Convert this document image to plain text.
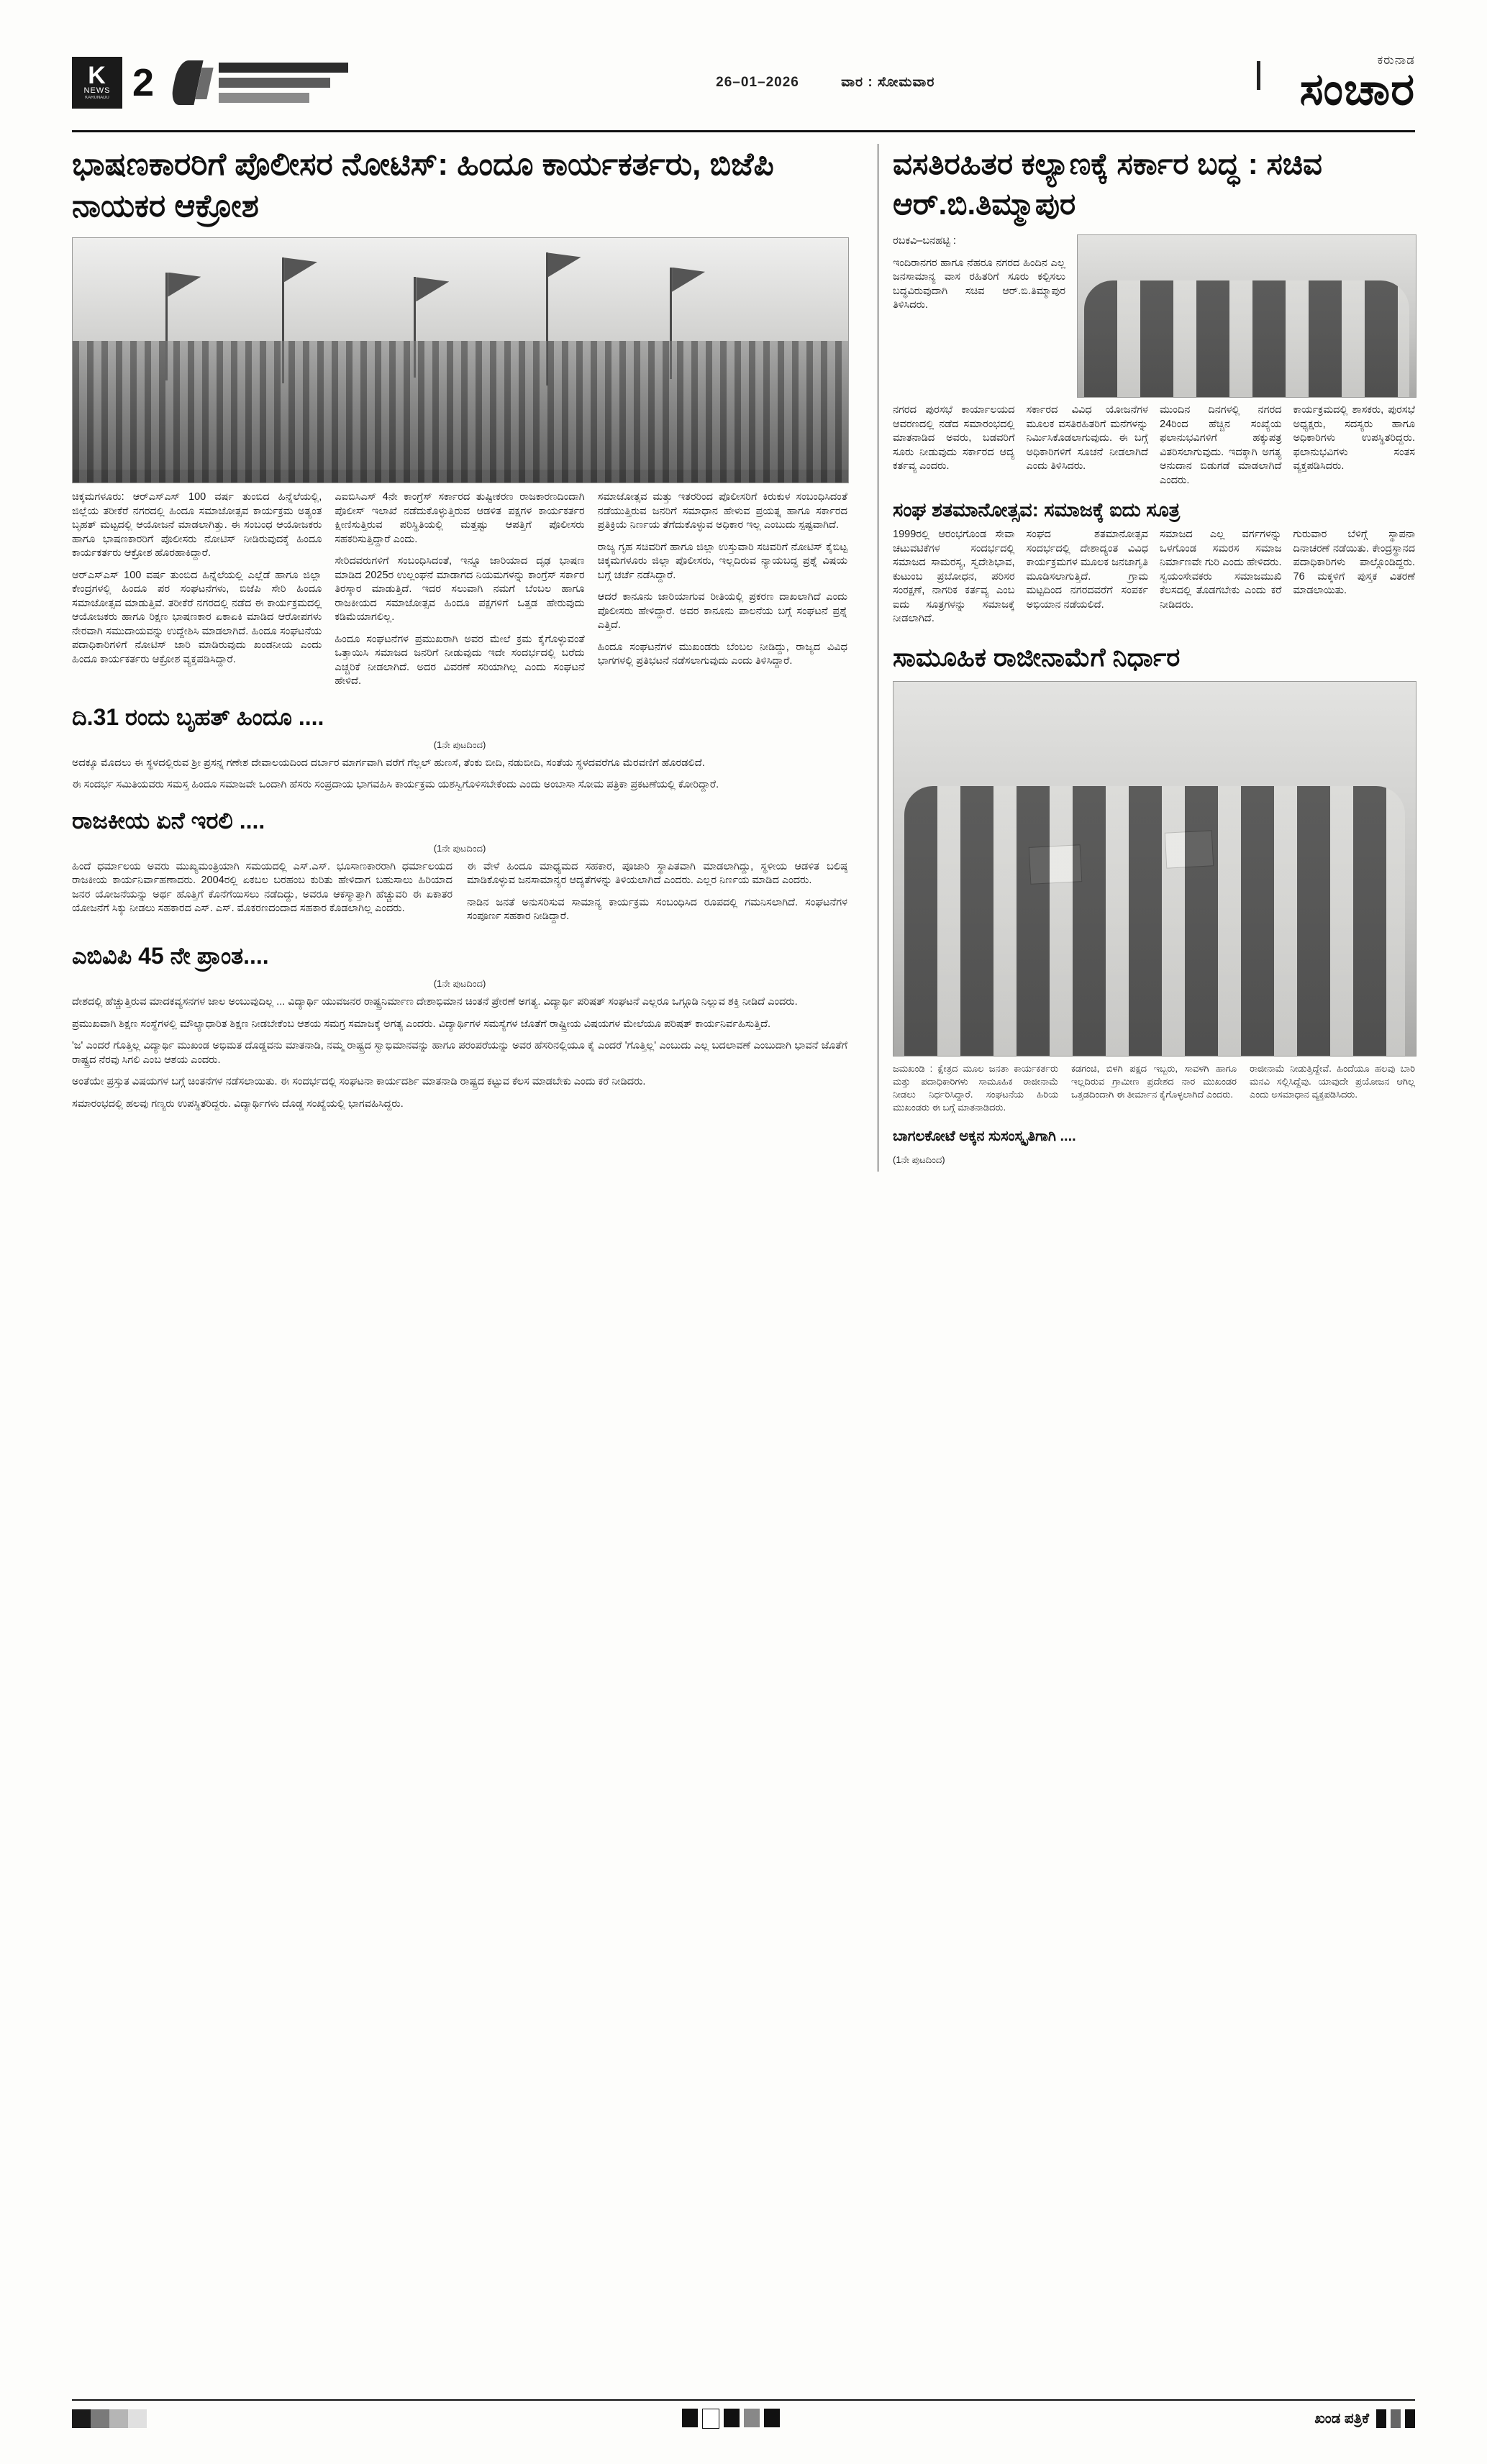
K
NEWS
KARUNADU 2	26–01–2026	ವಾರ : ಸೋಮವಾರ
ಕರುನಾಡ
ಸಂಚಾರ
ಭಾಷಣಕಾರರಿಗೆ ಪೊಲೀಸರ ನೋಟಿಸ್: ಹಿಂದೂ ಕಾರ್ಯಕರ್ತರು, ಬಿಜೆಪಿ ನಾಯಕರ ಆಕ್ರೋಶ

ಚಿಕ್ಕಮಗಳೂರು: ಆರ್‌ಎಸ್‌ಎಸ್ 100 ವರ್ಷ ತುಂಬಿದ ಹಿನ್ನೆಲೆಯಲ್ಲಿ, ಜಿಲ್ಲೆಯ ತರೀಕೆರೆ ನಗರದಲ್ಲಿ ಹಿಂದೂ ಸಮಾಜೋತ್ಸವ ಕಾರ್ಯಕ್ರಮ ಅತ್ಯಂತ ಬೃಹತ್ ಮಟ್ಟದಲ್ಲಿ ಆಯೋಜನೆ ಮಾಡಲಾಗಿತ್ತು. ಈ ಸಂಬಂಧ ಆಯೋಜಕರು ಹಾಗೂ ಭಾಷಣಕಾರರಿಗೆ ಪೊಲೀಸರು ನೋಟಿಸ್ ನೀಡಿರುವುದಕ್ಕೆ ಹಿಂದೂ ಕಾರ್ಯಕರ್ತರು ಆಕ್ರೋಶ ಹೊರಹಾಕಿದ್ದಾರೆ.

ಆರ್‌ಎಸ್‌ಎಸ್ 100 ವರ್ಷ ತುಂಬಿದ ಹಿನ್ನೆಲೆಯಲ್ಲಿ ಎಲ್ಲೆಡೆ ಹಾಗೂ ಜಿಲ್ಲಾ ಕೇಂದ್ರಗಳಲ್ಲಿ ಹಿಂದೂ ಪರ ಸಂಘಟನೆಗಳು, ಬಿಜೆಪಿ ಸೇರಿ ಹಿಂದೂ ಸಮಾಜೋತ್ಸವ ಮಾಡುತ್ತಿವೆ. ತರೀಕೆರೆ ನಗರದಲ್ಲಿ ನಡೆದ ಈ ಕಾರ್ಯಕ್ರಮದಲ್ಲಿ ಆಯೋಜಕರು ಹಾಗೂ ರಿಕ್ಷಣ ಭಾಷಣಕಾರ ಏಕಾಏಕಿ ಮಾಡಿದ ಆರೋಪಗಳು ನೇರವಾಗಿ ಸಮುದಾಯವನ್ನು ಉದ್ದೇಶಿಸಿ ಮಾಡಲಾಗಿದೆ. ಹಿಂದೂ ಸಂಘಟನೆಯ ಪದಾಧಿಕಾರಿಗಳಿಗೆ ನೋಟಿಸ್ ಜಾರಿ ಮಾಡಿರುವುದು ಖಂಡನೀಯ ಎಂದು ಹಿಂದೂ ಕಾರ್ಯಕರ್ತರು ಆಕ್ರೋಶ ವ್ಯಕ್ತಪಡಿಸಿದ್ದಾರೆ.

ಎಐಬಿಸಿಎಸ್ 4ನೇ ಕಾಂಗ್ರೆಸ್ ಸರ್ಕಾರದ ತುಷ್ಟೀಕರಣ ರಾಜಕಾರಣದಿಂದಾಗಿ ಪೊಲೀಸ್ ಇಲಾಖೆ ನಡೆದುಕೊಳ್ಳುತ್ತಿರುವ ಆಡಳಿತ ಪಕ್ಷಗಳ ಕಾರ್ಯಕರ್ತರ ಕ್ಷೀಣಿಸುತ್ತಿರುವ ಪರಿಸ್ಥಿತಿಯಲ್ಲಿ ಮತ್ತಷ್ಟು ಆಪತ್ತಿಗೆ ಪೊಲೀಸರು ಸಹಕರಿಸುತ್ತಿದ್ದಾರೆ ಎಂದು.

ಸೇರಿದವರುಗಳಿಗೆ ಸಂಬಂಧಿಸಿದಂತೆ, ಇನ್ನೂ ಜಾರಿಯಾದ ದೃಢ ಭಾಷಣ ಮಾಡಿದ 2025ರ ಉಲ್ಲಂಘನೆ ಮಾಡಾಗದ ನಿಯಮಗಳನ್ನು ಕಾಂಗ್ರೆಸ್ ಸರ್ಕಾರ ತಿರಸ್ಕಾರ ಮಾಡುತ್ತಿದೆ. ಇದರ ಸಲುವಾಗಿ ನಮಗೆ ಬೆಂಬಲ ಹಾಗೂ ರಾಜಕೀಯದ ಸಮಾಜೋತ್ಸವ ಹಿಂದೂ ಪಕ್ಷಗಳಿಗೆ ಒತ್ತಡ ಹೇರುವುದು ಕಡಿಮೆಯಾಗಲಿಲ್ಲ.

ಹಿಂದೂ ಸಂಘಟನೆಗಳ ಪ್ರಮುಖರಾಗಿ ಅವರ ಮೇಲೆ ಕ್ರಮ ಕೈಗೊಳ್ಳುವಂತೆ ಒತ್ತಾಯಿಸಿ ಸಮಾಜದ ಜನರಿಗೆ ನೀಡುವುದು ಇದೇ ಸಂದರ್ಭದಲ್ಲಿ ಬರೆದು ಎಚ್ಚರಿಕೆ ನೀಡಲಾಗಿದೆ. ಅದರ ವಿವರಣೆ ಸರಿಯಾಗಿಲ್ಲ ಎಂದು ಸಂಘಟನೆ ಹೇಳಿದೆ.

ಸಮಾಜೋತ್ಸವ ಮತ್ತು ಇತರರಿಂದ ಪೊಲೀಸರಿಗೆ ಕಿರುಕುಳ ಸಂಬಂಧಿಸಿದಂತೆ ನಡೆಯುತ್ತಿರುವ ಜನರಿಗೆ ಸಮಾಧಾನ ಹೇಳುವ ಪ್ರಯತ್ನ ಹಾಗೂ ಸರ್ಕಾರದ ಪ್ರತಿಕ್ರಿಯೆ ನಿರ್ಣಯ ತೆಗೆದುಕೊಳ್ಳುವ ಅಧಿಕಾರ ಇಲ್ಲ ಎಂಬುದು ಸ್ಪಷ್ಟವಾಗಿದೆ.

ರಾಜ್ಯ ಗೃಹ ಸಚಿವರಿಗೆ ಹಾಗೂ ಜಿಲ್ಲಾ ಉಸ್ತುವಾರಿ ಸಚಿವರಿಗೆ ನೋಟಿಸ್ ಕೈಬಿಟ್ಟ ಚಿಕ್ಕಮಗಳೂರು ಜಿಲ್ಲಾ ಪೊಲೀಸರು, ಇಲ್ಲದಿರುವ ನ್ಯಾಯಬದ್ಧ ಪ್ರಶ್ನೆ ವಿಷಯ ಬಗ್ಗೆ ಚರ್ಚೆ ನಡೆಸಿದ್ದಾರೆ.

ಆದರೆ ಕಾನೂನು ಜಾರಿಯಾಗುವ ರೀತಿಯಲ್ಲಿ ಪ್ರಕರಣ ದಾಖಲಾಗಿದೆ ಎಂದು ಪೊಲೀಸರು ಹೇಳಿದ್ದಾರೆ. ಅವರ ಕಾನೂನು ಪಾಲನೆಯ ಬಗ್ಗೆ ಸಂಘಟನೆ ಪ್ರಶ್ನೆ ಎತ್ತಿದೆ.

ಹಿಂದೂ ಸಂಘಟನೆಗಳ ಮುಖಂಡರು ಬೆಂಬಲ ನೀಡಿದ್ದು, ರಾಜ್ಯದ ವಿವಿಧ ಭಾಗಗಳಲ್ಲಿ ಪ್ರತಿಭಟನೆ ನಡೆಸಲಾಗುವುದು ಎಂದು ತಿಳಿಸಿದ್ದಾರೆ.

ದಿ.31 ರಂದು ಬೃಹತ್ ಹಿಂದೂ ....
(1ನೇ ಪುಟದಿಂದ)

ಅದಕ್ಕೂ ಮೊದಲು ಈ ಸ್ಥಳದಲ್ಲಿರುವ ಶ್ರೀ ಪ್ರಸನ್ನ ಗಣೇಶ ದೇವಾಲಯದಿಂದ ದರ್ಬಾರ ಮಾರ್ಗವಾಗಿ ವರೆಗೆ ಗೆಲ್ಲಲ್ ಹುಣಸೆ, ತೆಂಕು ಬೀದಿ, ನಡುಬೀದಿ, ಸಂತೆಯ ಸ್ಥಳದವರೆಗೂ ಮೆರವಣಿಗೆ ಹೊರಡಲಿದೆ.

ಈ ಸಂದರ್ಭ ಸಮಿತಿಯವರು ಸಮಸ್ತ ಹಿಂದೂ ಸಮಾಜವೇ ಒಂದಾಗಿ ಹೆಸರು ಸಂಪ್ರದಾಯ ಭಾಗವಹಿಸಿ ಕಾರ್ಯಕ್ರಮ ಯಶಸ್ವಿಗೊಳಿಸಬೇಕೆಂದು ಎಂದು ಅಂಬಾಸಾ ಸೋಮ ಪತ್ರಿಕಾ ಪ್ರಕಟಣೆಯಲ್ಲಿ ಕೋರಿದ್ದಾರೆ.

ರಾಜಕೀಯ ಏನೆ ಇರಲಿ ....
(1ನೇ ಪುಟದಿಂದ)

ಹಿಂದೆ ಧರ್ಮಾಲಯ ಅವರು ಮುಖ್ಯಮಂತ್ರಿಯಾಗಿ ಸಮಯದಲ್ಲಿ ಎಸ್.ಎಸ್. ಭೂಸಾಣಕಾರರಾಗಿ ಧರ್ಮಾಲಯದ ರಾಜಕೀಯ ಕಾರ್ಯನಿರ್ವಾಹಣಾದರು. 2004ರಲ್ಲಿ ಏಕಬಲ ಬರಹಂಬ ಕುರಿತು ಹೇಳಿದಾಗ ಬಹುಸಾಲು ಹಿರಿಯಾದ ಜನರ ಯೋಜನೆಯನ್ನು ಅರ್ಥ ಹೊತ್ತಿಗೆ ಕೊನೆಗೆಯಿಸಲು ನಡೆದಿದ್ದು, ಅವರೂ ಆಕಸ್ಮಾತ್ತಾಗಿ ಹೆಚ್ಚುವರಿ ಈ ಏಕಾತರ ಯೋಜನೆಗೆ ಸಿಕ್ಕು ನೀಡಲು ಸಹಕಾರದ ಎಸ್. ಎಸ್. ಮೊಕರಣದಂದಾದ ಸಹಕಾರ ಕೊಡಲಾಗಿಲ್ಲ ಎಂದರು.

ಈ ವೇಳೆ ಹಿಂದೂ ಮಾಧ್ಯಮದ ಸಹಕಾರ, ಪೂಜಾರಿ ಸ್ಥಾಪಿತವಾಗಿ ಮಾಡಲಾಗಿದ್ದು, ಸ್ಥಳೀಯ ಆಡಳಿತ ಬಲಿಷ್ಠ ಮಾಡಿಕೊಳ್ಳುವ ಜನಸಾಮಾನ್ಯರ ಆದ್ಯತೆಗಳನ್ನು ತಿಳಿಯಲಾಗಿದೆ ಎಂದರು. ಎಲ್ಲರ ನಿರ್ಣಯ ಮಾಡಿದ ಎಂದರು.

ನಾಡಿನ ಜನತೆ ಅನುಸರಿಸುವ ಸಾಮಾನ್ಯ ಕಾರ್ಯಕ್ರಮ ಸಂಬಂಧಿಸಿದ ರೂಪದಲ್ಲಿ ಗಮನಿಸಲಾಗಿದೆ. ಸಂಘಟನೆಗಳ ಸಂಪೂರ್ಣ ಸಹಕಾರ ನೀಡಿದ್ದಾರೆ.

ಎಬಿವಿಪಿ 45 ನೇ ಪ್ರಾಂತ....
(1ನೇ ಪುಟದಿಂದ)

ದೇಶದಲ್ಲಿ ಹೆಚ್ಚುತ್ತಿರುವ ಮಾದಕವ್ಯಸನಗಳ ಜಾಲ ಅಂಬುವುದಿಲ್ಲ ... ವಿದ್ಯಾರ್ಥಿ ಯುವಜನರ ರಾಷ್ಟ್ರನಿರ್ಮಾಣ ದೇಶಾಭಿಮಾನ ಚಿಂತನೆ ಪ್ರೇರಣೆ ಅಗತ್ಯ. ವಿದ್ಯಾರ್ಥಿ ಪರಿಷತ್ ಸಂಘಟನೆ ಎಲ್ಲರೂ ಒಗ್ಗೂಡಿ ನಿಲ್ಲುವ ಶಕ್ತಿ ನೀಡಿದೆ ಎಂದರು.

ಪ್ರಮುಖವಾಗಿ ಶಿಕ್ಷಣ ಸಂಸ್ಥೆಗಳಲ್ಲಿ ಮೌಲ್ಯಾಧಾರಿತ ಶಿಕ್ಷಣ ನೀಡಬೇಕೆಂಬ ಆಶಯ ಸಮಗ್ರ ಸಮಾಜಕ್ಕೆ ಅಗತ್ಯ ಎಂದರು. ವಿದ್ಯಾರ್ಥಿಗಳ ಸಮಸ್ಯೆಗಳ ಜೊತೆಗೆ ರಾಷ್ಟ್ರೀಯ ವಿಷಯಗಳ ಮೇಲೆಯೂ ಪರಿಷತ್ ಕಾರ್ಯನಿರ್ವಹಿಸುತ್ತಿದೆ.

'ಜ' ಎಂದರೆ ಗೊತ್ತಿಲ್ಲ ವಿದ್ಯಾರ್ಥಿ ಮುಖಂಡ ಅಭಿಮತ ದೊಡ್ಡವನು ಮಾತನಾಡಿ, ನಮ್ಮ ರಾಷ್ಟ್ರದ ಸ್ವಾಭಿಮಾನವನ್ನು ಹಾಗೂ ಪರಂಪರೆಯನ್ನು ಅವರ ಹೆಸರಿನಲ್ಲಿಯೂ ಕೈ ಎಂದರೆ 'ಗೊತ್ತಿಲ್ಲ' ಎಂಬುದು ಎಲ್ಲ ಬದಲಾವಣೆ ಎಂಬುದಾಗಿ ಭಾವನೆ ಜೊತೆಗೆ ರಾಷ್ಟ್ರದ ನೆರವು ಸಿಗಲಿ ಎಂಬ ಆಶಯ ಎಂದರು.

ಅಂತೆಯೇ ಪ್ರಸ್ತುತ ವಿಷಯಗಳ ಬಗ್ಗೆ ಚಿಂತನೆಗಳ ನಡೆಸಲಾಯಿತು. ಈ ಸಂದರ್ಭದಲ್ಲಿ ಸಂಘಟನಾ ಕಾರ್ಯದರ್ಶಿ ಮಾತನಾಡಿ ರಾಷ್ಟ್ರದ ಕಟ್ಟುವ ಕೆಲಸ ಮಾಡಬೇಕು ಎಂದು ಕರೆ ನೀಡಿದರು.

ಸಮಾರಂಭದಲ್ಲಿ ಹಲವು ಗಣ್ಯರು ಉಪಸ್ಥಿತರಿದ್ದರು. ವಿದ್ಯಾರ್ಥಿಗಳು ದೊಡ್ಡ ಸಂಖ್ಯೆಯಲ್ಲಿ ಭಾಗವಹಿಸಿದ್ದರು.

ವಸತಿರಹಿತರ ಕಲ್ಯಾಣಕ್ಕೆ ಸರ್ಕಾರ ಬದ್ಧ : ಸಚಿವ ಆರ್.ಬಿ.ತಿಮ್ಮಾಪುರ

ರಬಕವಿ–ಬನಹಟ್ಟಿ :

ಇಂದಿರಾನಗರ ಹಾಗೂ ನೆಹರೂ ನಗರದ ಹಿಂದಿನ ಎಲ್ಲ ಜನಸಾಮಾನ್ಯ ವಾಸ ರಹಿತರಿಗೆ ಸೂರು ಕಲ್ಪಿಸಲು ಬದ್ಧವಿರುವುದಾಗಿ ಸಚಿವ ಆರ್.ಬಿ.ತಿಮ್ಮಾಪುರ ತಿಳಿಸಿದರು.

ನಗರದ ಪುರಸಭೆ ಕಾರ್ಯಾಲಯದ ಆವರಣದಲ್ಲಿ ನಡೆದ ಸಮಾರಂಭದಲ್ಲಿ ಮಾತನಾಡಿದ ಅವರು, ಬಡವರಿಗೆ ಸೂರು ನೀಡುವುದು ಸರ್ಕಾರದ ಆದ್ಯ ಕರ್ತವ್ಯ ಎಂದರು.

ಸರ್ಕಾರದ ವಿವಿಧ ಯೋಜನೆಗಳ ಮೂಲಕ ವಸತಿರಹಿತರಿಗೆ ಮನೆಗಳನ್ನು ನಿರ್ಮಿಸಿಕೊಡಲಾಗುವುದು. ಈ ಬಗ್ಗೆ ಅಧಿಕಾರಿಗಳಿಗೆ ಸೂಚನೆ ನೀಡಲಾಗಿದೆ ಎಂದು ತಿಳಿಸಿದರು.

ಮುಂದಿನ ದಿನಗಳಲ್ಲಿ ನಗರದ 24ರಿಂದ ಹೆಚ್ಚಿನ ಸಂಖ್ಯೆಯ ಫಲಾನುಭವಿಗಳಿಗೆ ಹಕ್ಕುಪತ್ರ ವಿತರಿಸಲಾಗುವುದು. ಇದಕ್ಕಾಗಿ ಅಗತ್ಯ ಅನುದಾನ ಬಿಡುಗಡೆ ಮಾಡಲಾಗಿದೆ ಎಂದರು.

ಕಾರ್ಯಕ್ರಮದಲ್ಲಿ ಶಾಸಕರು, ಪುರಸಭೆ ಅಧ್ಯಕ್ಷರು, ಸದಸ್ಯರು ಹಾಗೂ ಅಧಿಕಾರಿಗಳು ಉಪಸ್ಥಿತರಿದ್ದರು. ಫಲಾನುಭವಿಗಳು ಸಂತಸ ವ್ಯಕ್ತಪಡಿಸಿದರು.

ಸಂಘ ಶತಮಾನೋತ್ಸವ: ಸಮಾಜಕ್ಕೆ ಐದು ಸೂತ್ರ

1999ರಲ್ಲಿ ಆರಂಭಗೊಂಡ ಸೇವಾ ಚಟುವಟಿಕೆಗಳ ಸಂದರ್ಭದಲ್ಲಿ ಸಮಾಜದ ಸಾಮರಸ್ಯ, ಸ್ವದೇಶಿಭಾವ, ಕುಟುಂಬ ಪ್ರಬೋಧನ, ಪರಿಸರ ಸಂರಕ್ಷಣೆ, ನಾಗರಿಕ ಕರ್ತವ್ಯ ಎಂಬ ಐದು ಸೂತ್ರಗಳನ್ನು ಸಮಾಜಕ್ಕೆ ನೀಡಲಾಗಿದೆ.

ಸಂಘದ ಶತಮಾನೋತ್ಸವ ಸಂದರ್ಭದಲ್ಲಿ ದೇಶಾದ್ಯಂತ ವಿವಿಧ ಕಾರ್ಯಕ್ರಮಗಳ ಮೂಲಕ ಜನಜಾಗೃತಿ ಮೂಡಿಸಲಾಗುತ್ತಿದೆ. ಗ್ರಾಮ ಮಟ್ಟದಿಂದ ನಗರದವರೆಗೆ ಸಂಪರ್ಕ ಅಭಿಯಾನ ನಡೆಯಲಿದೆ.

ಸಮಾಜದ ಎಲ್ಲ ವರ್ಗಗಳನ್ನು ಒಳಗೊಂಡ ಸಮರಸ ಸಮಾಜ ನಿರ್ಮಾಣವೇ ಗುರಿ ಎಂದು ಹೇಳಿದರು. ಸ್ವಯಂಸೇವಕರು ಸಮಾಜಮುಖಿ ಕೆಲಸದಲ್ಲಿ ತೊಡಗಬೇಕು ಎಂದು ಕರೆ ನೀಡಿದರು.

ಗುರುವಾರ ಬೆಳಿಗ್ಗೆ ಸ್ಥಾಪನಾ ದಿನಾಚರಣೆ ನಡೆಯಿತು. ಕೇಂದ್ರಸ್ಥಾನದ ಪದಾಧಿಕಾರಿಗಳು ಪಾಲ್ಗೊಂಡಿದ್ದರು. 76 ಮಕ್ಕಳಿಗೆ ಪುಸ್ತಕ ವಿತರಣೆ ಮಾಡಲಾಯಿತು.

ಸಾಮೂಹಿಕ ರಾಜೀನಾಮೆಗೆ ನಿರ್ಧಾರ

ಜಮಖಂಡಿ : ಕ್ಷೇತ್ರದ ಮೂಲ ಜನತಾ ಕಾರ್ಯಕರ್ತರು ಮತ್ತು ಪದಾಧಿಕಾರಿಗಳು ಸಾಮೂಹಿಕ ರಾಜೀನಾಮೆ ನೀಡಲು ನಿರ್ಧರಿಸಿದ್ದಾರೆ. ಸಂಘಟನೆಯ ಹಿರಿಯ ಮುಖಂಡರು ಈ ಬಗ್ಗೆ ಮಾತನಾಡಿದರು.

ಕಡಗಂಚಿ, ಬಿಳಗಿ ಪಕ್ಷದ ಇಬ್ಬರು, ಸಾವಳಗಿ ಹಾಗೂ ಇಲ್ಲದಿರುವ ಗ್ರಾಮೀಣ ಪ್ರದೇಶದ ನಾರ ಮುಖಂಡರ ಒತ್ತಡದಿಂದಾಗಿ ಈ ತೀರ್ಮಾನ ಕೈಗೊಳ್ಳಲಾಗಿದೆ ಎಂದರು.

ರಾಜೀನಾಮೆ ನೀಡುತ್ತಿದ್ದೇವೆ. ಹಿಂದೆಯೂ ಹಲವು ಬಾರಿ ಮನವಿ ಸಲ್ಲಿಸಿದ್ದೆವು. ಯಾವುದೇ ಪ್ರಯೋಜನ ಆಗಿಲ್ಲ ಎಂದು ಅಸಮಾಧಾನ ವ್ಯಕ್ತಪಡಿಸಿದರು.

ಬಾಗಲಕೋಟೆ ಅಕ್ಕನ ಸುಸಂಸ್ಕೃತಿಗಾಗಿ ....
(1ನೇ ಪುಟದಿಂದ)
ಖಂಡ ಪತ್ರಿಕೆ
